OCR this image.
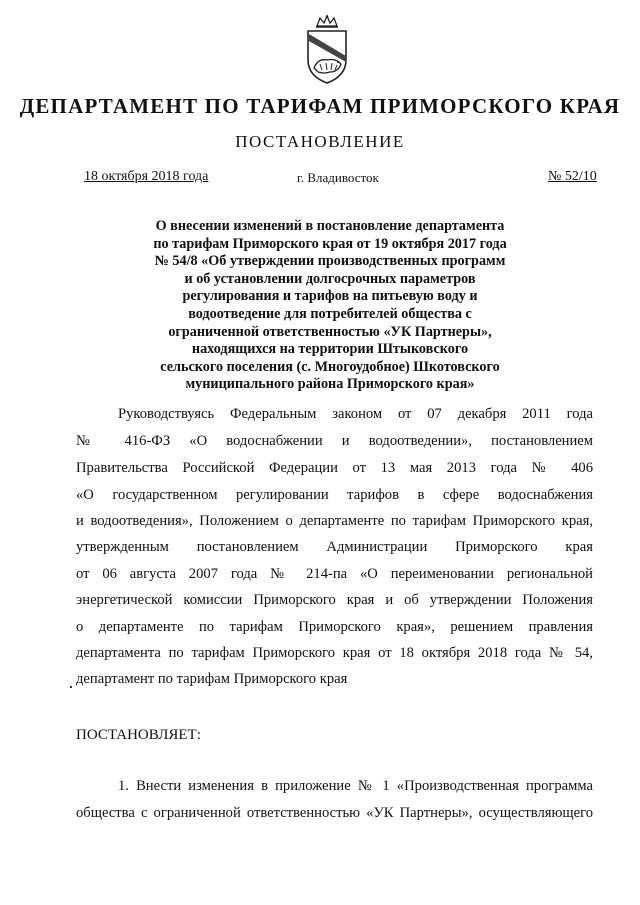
ДЕПАРТАМЕНТ ПО ТАРИФАМ ПРИМОРСКОГО КРАЯ
ПОСТАНОВЛЕНИЕ
18 октября 2018 года	г. Владивосток	№ 52/10
О внесении изменений в постановление департамента
по тарифам Приморского края от 19 октября 2017 года
№ 54/8 «Об утверждении производственных программ
и об установлении долгосрочных параметров
регулирования и тарифов на питьевую воду и
водоотведение для потребителей общества с
ограниченной ответственностью «УК Партнеры»,
находящихся на территории Штыковского
сельского поселения (с. Многоудобное) Шкотовского
муниципального района Приморского края»
Руководствуясь Федеральным законом от 07 декабря 2011 года
№ 416-ФЗ «О водоснабжении и водоотведении», постановлением
Правительства Российской Федерации от 13 мая 2013 года № 406
«О государственном регулировании тарифов в сфере водоснабжения
и водоотведения», Положением о департаменте по тарифам Приморского края,
утвержденным постановлением Администрации Приморского края
от 06 августа 2007 года № 214-па «О переименовании региональной
энергетической комиссии Приморского края и об утверждении Положения
о департаменте по тарифам Приморского края», решением правления
департамента по тарифам Приморского края от 18 октября 2018 года № 54,
департамент по тарифам Приморского края
ПОСТАНОВЛЯЕТ:
1. Внести изменения в приложение № 1 «Производственная программа
общества с ограниченной ответственностью «УК Партнеры», осуществляющего
